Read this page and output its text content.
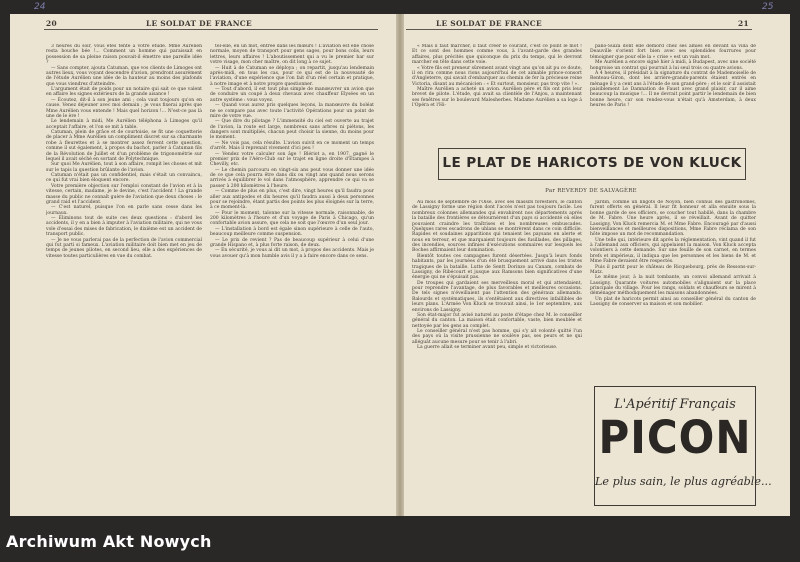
24
20	LE SOLDAT DE FRANCE

3 heures du soir, vous êtes tenté à votre étude. Mme Aurélien resta bouche bée !... Comment un homme qui paraissait en possession de sa pleine raison pouvait-il émettre une pareille idée ?

— Sans compter, ajouta Catuman, que vos clients de Limoges ont autres lieux, vous voyant descendre d'avion, prendront assurément de l'étude Aurélien une idée de la hauteur au moins des plafonds que vous viendrez d'atteindre.

L'argument était de poids pour un notaire qui sait ce que valent en affaire les signes extérieurs de la grande aisance !

— Écoutez, dit-il à son jeune ami ; cela vaut toujours qu'on en cause. Venez déjeuner avec moi demain ; je vous fixerai après que Mme Aurélien vous entende ! Mais quel horizon !... N'est-ce pas là une de le ère !

Le lendemain à midi, Me Aurélien téléphona à Limoges qu'il acceptait l'affaire, et l'on se mit à table.

Catuman, plein de grâce et de courtoisie, se fit une coquetterie de placer à Mme Aurélien un compliment discret sur sa charmante robe à fleurettes et à se montrer assez fervent cette question, comme il sut également, à propos du bachot, parler à Catuman fils de la Révolution de Juillet et d'un problème de trigonométrie sur lequel il avait séché en sortant de Polytechnique.

Sur quoi Me Aurélien, tout à son affaire, rompit les choses et mit sur le tapis la question brûlante de l'avion.

Catuman n'était pas un confidentiel, mais s'était un convaincu, ce qui fut vrai bien éloquent encore.

Votre première objection sur l'emploi constant de l'avion et à la vitesse, certain, madame, je le devine, c'est l'accident ! La grande masse du public ne connaît guère de l'aviation que deux choses : le grand raid et l'accident.

— C'est naturel, puisque l'on en parle sans cesse dans les journaux.

— Éliminons tout de suite ces deux questions : d'abord les accidents, il y en a bien à imputer à l'aviation militaire, qui ne vous vole d'essai des mises de fabrication, le dixième est un accident de transport public.

— Je ne vous parlerai pas de la perfection de l'avion commercial qui fut parti si fameux. L'aviation militaire doit bien met en jeu de temps de jeunes pilotes, en second lieu, elle a des expériences de vitesse toutes particulières en vue du combat.

tel-elle, en un mot, entrée dans les mœurs ! L'aviation est elle chose normale, moyen de transport pour gens sages, pour bons colis, leurs lettres, leurs affaires ! L'aboutissement qui a vu le premier bar sur votre visage, mon cher maître, on dit long à ce sujet.

— Huit à de Catuman se déploya ; on repartit, jusqu'au lendemain après-midi, en tous les cas, pour ce qui est de la nouveauté de l'aviation, d'une expérience que l'on fait d'un réel certain et pratique, à notre image et à notre propre questionner.

— Tout d'abord, il est tout plus simple de manœuvrer un avion que de conduire un coupé à deux chevaux avec chauffeur Elysées en un autre système : vous voyez.

— Quand vous aurez pris quelques leçons, la manœuvre du boléat ne se compare pas avec toute l'activité Opérations pour un point de mire de votre vue.

— Que dire du pilotage ? L'immensité du ciel est ouverte au trajet de l'avion, la route est large, nombreux sans arbres ni piétons, les dangers sont multipliés, chacun peut choisir la sienne, du moins pour le moment.

— Ne vois pas, cela résulte. L'avion suivit en ce moment un temps d'arrêt. Mais il reprenait vivement d'ici peu !

— Vendez votre calculer son âge ! Blériot a, en 1907, gagné le premier prix de l'Aéro-Club sur le trajet en ligne droite d'Étampes à Chevilly, etc.

— Le chemin parcouru en vingt-six ans peut vous donner une idée de ce que cela pourra être dans dix ou vingt ans quand nous serons arrivés à équilibrer le vol dans l'atmosphère, apprendre ce qui va se passer à 200 kilomètres à l'heure.

— Comme de plus en plus, c'est dire, vingt heures qu'il faudra pour aller aux antipodes et dix heures qu'il faudra aussi à deux personnes pour se rejoindre, étant partis des points les plus éloignés sur la terre, à ce moment-là.

— Pour le moment, talonne sur la vitesse normale, raisonnable, de 200 kilomètres à l'heure et d'un voyage de Paris à Chicago, qu'un confortable avion assure, que cela ne soit que l'œuvre d'un seul jour.

— L'installation à bord est égale sinon supérieure à celle de l'auto, beaucoup meilleure comme suspension.

— Le prix de revient ? Pas de beaucoup supérieur à celui d'une grande Hispano et, à plus forte raison, de deux.

— En sécurité, je vous ai dit un mot, à propos des accidents. Mais je vous avouer qu'à mon humble avis il y a à faire encore dans ce sens.

25
LE SOLDAT DE FRANCE	21

« Mais il faut marcher, il faut créer le courant, c'est ce point le mot ! Et ce sont des hommes comme vous, à l'avant-garde des grandes affaires, plus précités que quiconque du prix du temps, qui le devront marcher en tête dans cette voie.

« Votre fils est preneur sûrement avant vingt ans qu'on ait pu ce doute, il en rira comme nous rions aujourd'hui de cet aimable prince-consort d'Angleterre, qui savait d'embarquer au chemin de fer la précieuse reine Victoria, disant au mécanicien : « Et surtout, monsieur, pas trop vite ! ».

Maître Aurélien a acheté un avion. Aurélien père et fils ont pris leur brevet de pilote. L'étude, qui avait sa clientèle de l'Anjou, a maintenant ses fenêtres sur le boulevard Malesherbes. Madame Aurélien a sa loge à l'Opéra et l'Hi-

pano-Suiza dont elle démord chez ses amies en devant sa villa de Deauville s'orient fort bien avec ses splendides fourrures pour témoigner que pour elle la « crise » est un vain mot.

Me Aurélien a encore signé hier à midi, à Budapest, avec une société hongroise un contrat qui pourrait à lui seul trois ou quatre avions.

À 4 heures, il présidait à la signature du contrat de Mademoiselle de Renteau-Giron, dont les arrière-grands-parents étaient entrés en ménage il y a cent ans à l'étude de son grand-père ; et le soir il assistait paisiblement Le Damnation de Faust avec grand plaisir, car il aime beaucoup la musique !... Il ne devrait point partir le lendemain de bien bonne heure, car son rendez-vous n'était qu'à Amsterdam, à deux heures de Paris !

LE PLAT DE HARICOTS DE VON KLUCK
Par REVERDY DE SALVAGÈRE

Au mois de septembre de l'Oise, avec ses massifs forestiers, le canton de Lassigny forme une région dont l'accès n'est pas toujours facile. Les nombreux colonnes allemandes qui envahirent nos départements après la bataille des frontières se détournèrent d'un pays si accidenté où elles pouvaient craindre les traîtrises et les nombreuses embuscades. Quelques rares escadrons de uhlans se montrèrent dans ce coin difficile. Rapides et soudaines apparitions qui tenaient les paysans en alerte et nous en terreur, et que marquaient toujours des fusillades, des pillages, des incendies, sources infinies d'exécutions sommaires sur lesquels les Boches affirmaient leur domination.

Bientôt toutes ces campagnes furent désertées. Jusqu'à leurs fonds habitants, par les journées d'un été brusquement arrivé dans les tristes tragiques de la bataille. Lutte de Sentt Dorinzo au Canam, combats de Lassigny, de Ribécourt et jusque aux Ramsons bien significatives d'une énergie qui ne s'épuisait pas.

De troupes qui gardaient ses merveilleux moral et qui attendaient, pour reprendre l'avantage, de plus favorables et meilleures occasions. De tels signes n'éveillaient pas l'attention des généraux allemands. Balourds et systématiques, ils s'entêtaient aux directives infaillibles de leurs plans. L'Armée Von Kluck se trouvait ainsi, le 1er septembre, aux environs de Lassigny.

Son état-major fut avisé naturel au poste d'étape chez M. le conseiller général du canton. La maison était confortable, vaste, bien meublée et nettoyée par les gens au complet.

Le conseiller général n'est pas homme, qui s'y ait volonté quitté l'un des pays où la visite prussienne ne soulève pas, ses peurs et ne qui alléguât aucune mesure pour se tenir à l'abri.

La guerre allait se terminer avant peu, simple et victorieuse.

Jardin, comme un lingots de Noyon, bien connus des gastronomes, furent offerts en général. Il leur fit honneur et alla ensuite sous la bonne garde de ses officiers, se coucher tout habillé, dans la chambre de M. Fabre. Une heure après, il se réveillait. Avant de quitter Lassigny, Von Kluck remercia M. et Mme Fabre. Encouragé par d'aussi bienveillances et meilleures dispositions, Mme Fabre réclama de son hôte impose un mot de recommandation.

Une telle qui, intérieure dit après la réglementation, vint quand il fut à l'allemand aux officiers, qui appelaient la maison. Von Kluck accepta volontiers à cette demande. Sur une feuille de son carnet, en termes brefs et impérieux, il indiqua que les personnes et les biens de M. et Mme Fabre devaient être respectés.

Puis il partit pour le château de Ricquebourg, près de Ressons-sur-Matz.

Le même jour, à la nuit tombante, un convoi allemand arrivait à Lassigny. Quarante voitures automobiles s'alignaient sur la place principale du village. Pour les rangs, soldats et chauffeurs se mirent à déménager méthodiquement les maisons abandonnées.

Un plat de haricots permit ainsi au conseiller général du canton de Lassigny de conserver sa maison et son mobilier.

L'Apéritif Français
PICON
Le plus sain, le plus agréable...
Archiwum Akt Nowych
